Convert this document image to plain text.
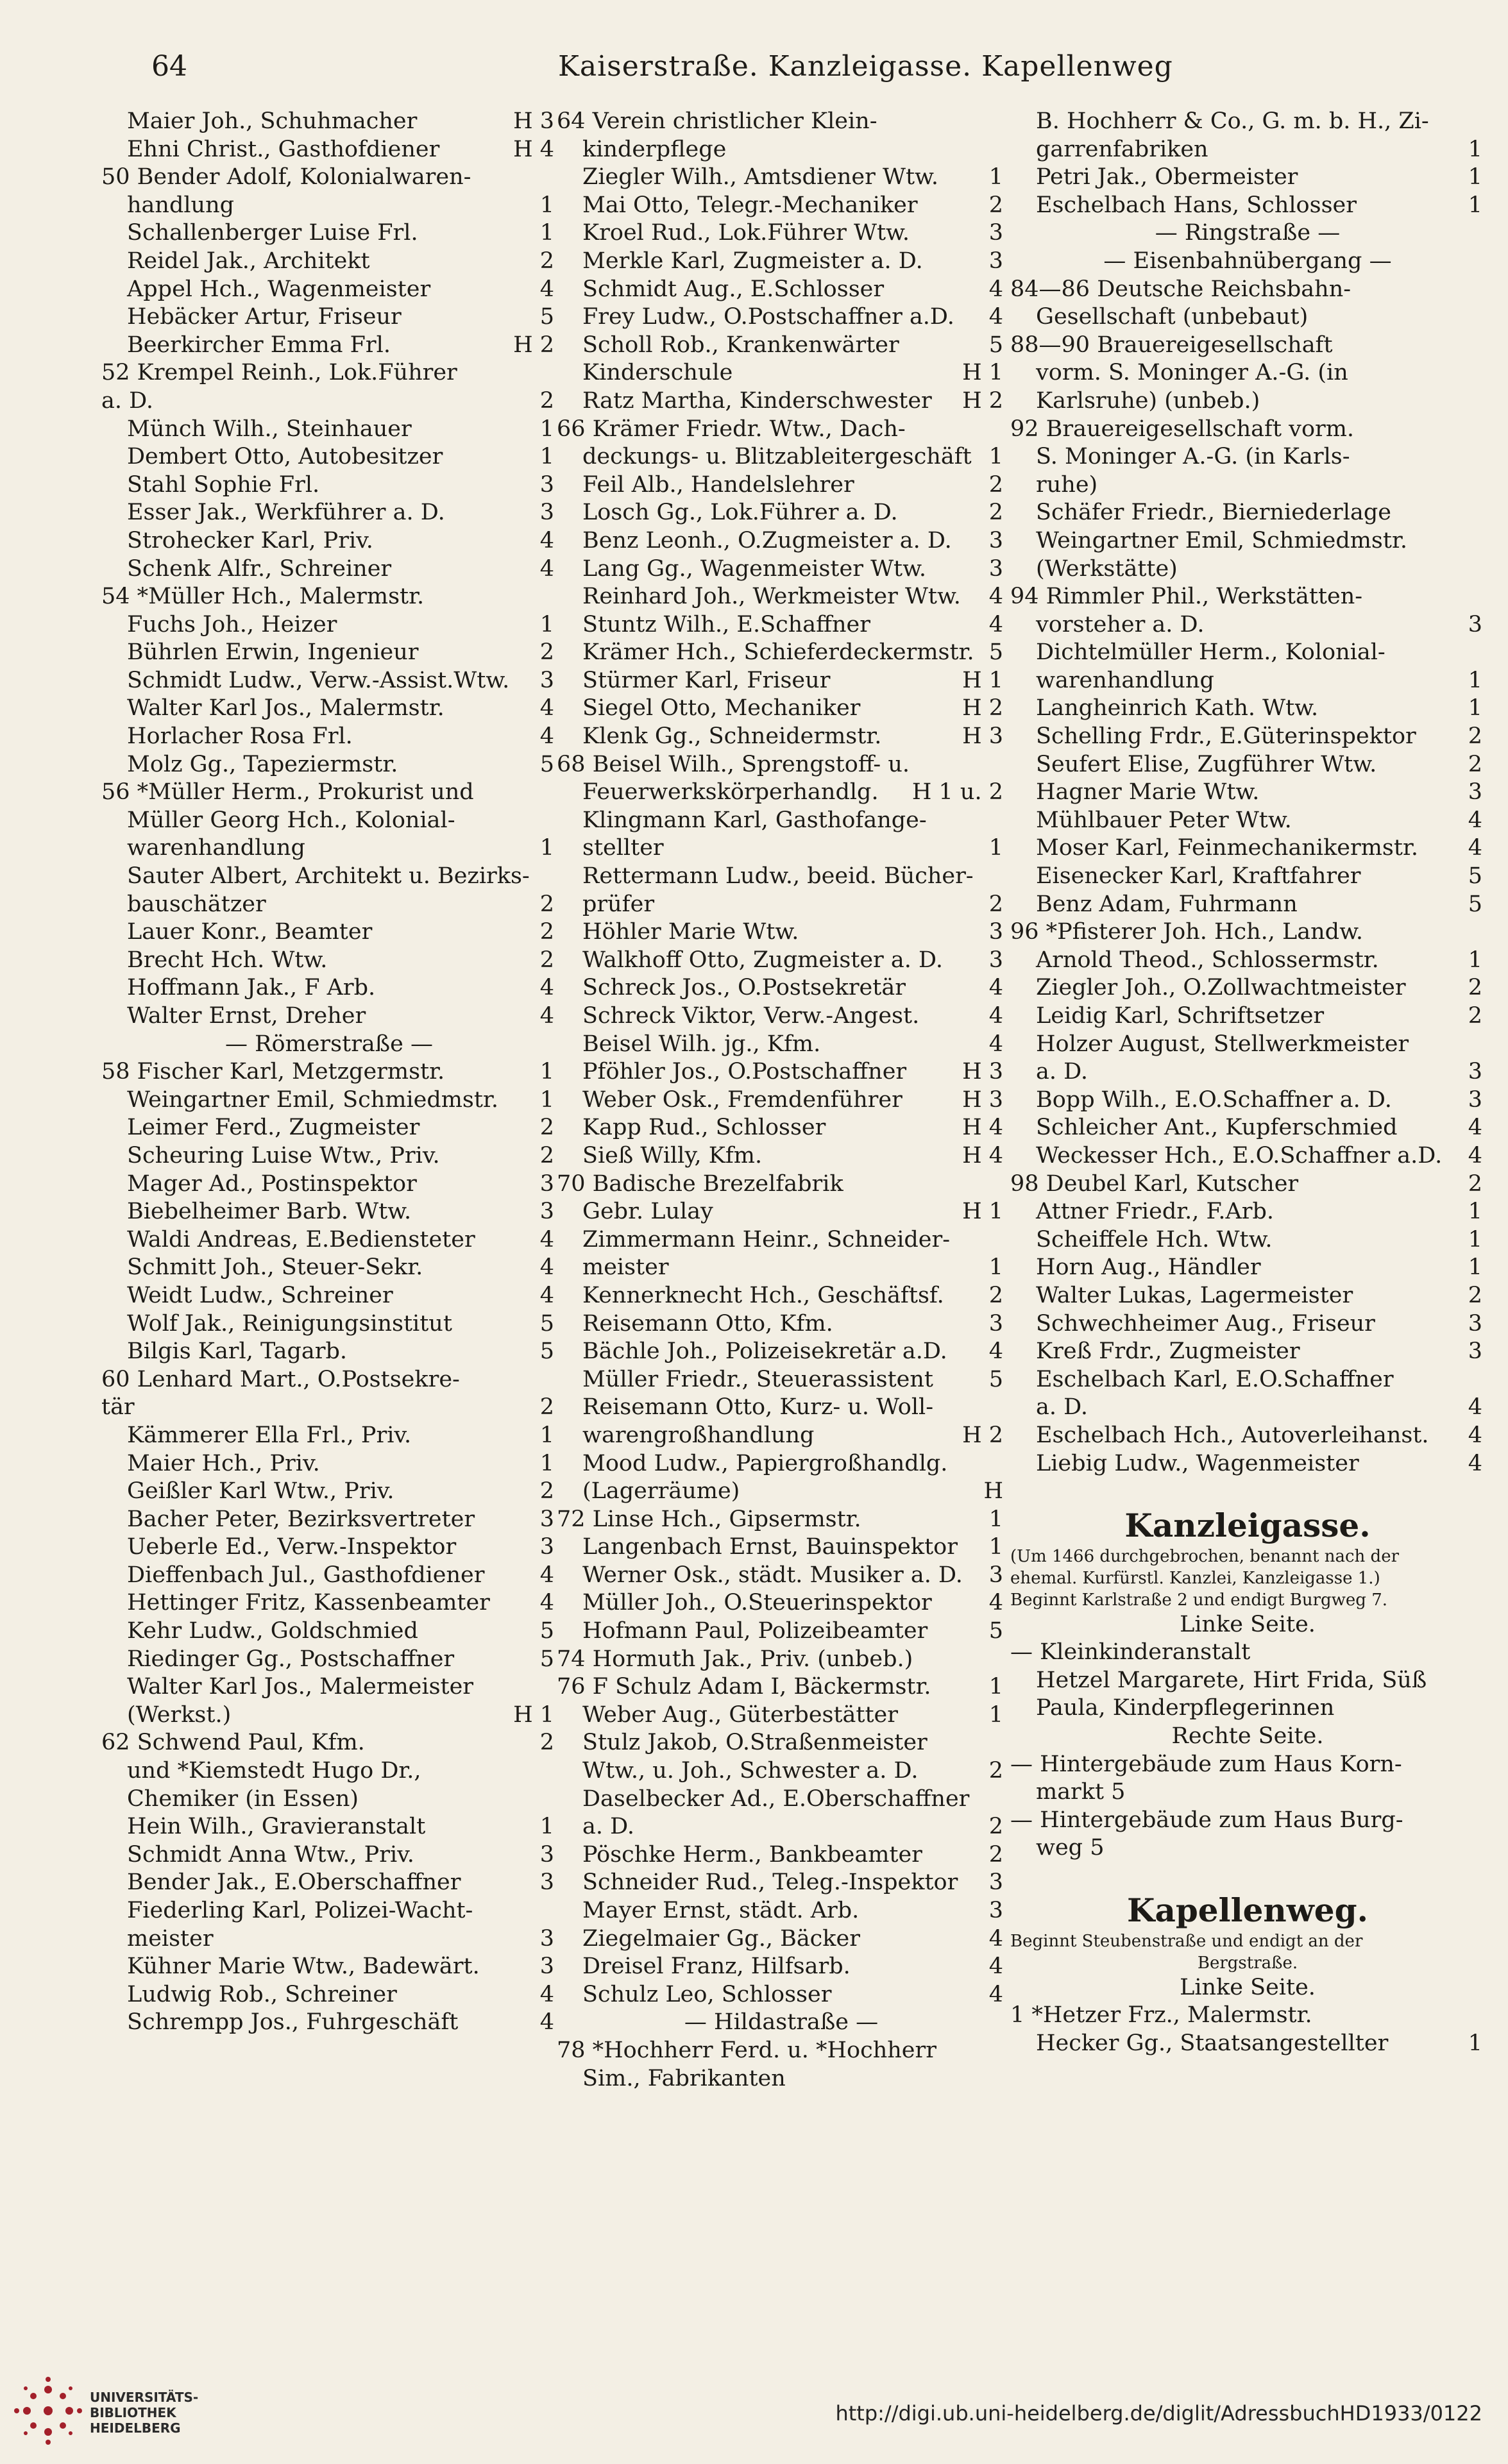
64	Kaiserstraße. Kanzleigasse. Kapellenweg
Maier Joh., Schuhmacher	H 3
Ehni Christ., Gasthofdiener	H 4
50 Bender Adolf, Kolonialwaren-
handlung	1
Schallenberger Luise Frl.	1
Reidel Jak., Architekt	2
Appel Hch., Wagenmeister	4
Hebäcker Artur, Friseur	5
Beerkircher Emma Frl.	H 2
52 Krempel Reinh., Lok.Führer
a. D.	2
Münch Wilh., Steinhauer	1
Dembert Otto, Autobesitzer	1
Stahl Sophie Frl.	3
Esser Jak., Werkführer a. D.	3
Strohecker Karl, Priv.	4
Schenk Alfr., Schreiner	4
54 *Müller Hch., Malermstr.
Fuchs Joh., Heizer	1
Bührlen Erwin, Ingenieur	2
Schmidt Ludw., Verw.-Assist.Wtw. 3
Walter Karl Jos., Malermstr.	4
Horlacher Rosa Frl.	4
Molz Gg., Tapeziermstr.	5
56 *Müller Herm., Prokurist und
Müller Georg Hch., Kolonial-
warenhandlung	1
Sauter Albert, Architekt u. Bezirks-
bauschätzer	2
Lauer Konr., Beamter	2
Brecht Hch. Wtw.	2
Hoffmann Jak., F Arb.	4
Walter Ernst, Dreher	4
— Römerstraße —
58 Fischer Karl, Metzgermstr.	1
Weingartner Emil, Schmiedmstr. 1
Leimer Ferd., Zugmeister	2
Scheuring Luise Wtw., Priv.	2
Mager Ad., Postinspektor	3
Biebelheimer Barb. Wtw.	3
Waldi Andreas, E.Bediensteter	4
Schmitt Joh., Steuer-Sekr.	4
Weidt Ludw., Schreiner	4
Wolf Jak., Reinigungsinstitut	5
Bilgis Karl, Tagarb.	5
60 Lenhard Mart., O.Postsekre-
tär	2
Kämmerer Ella Frl., Priv.	1
Maier Hch., Priv.	1
Geißler Karl Wtw., Priv.	2
Bacher Peter, Bezirksvertreter	3
Ueberle Ed., Verw.-Inspektor	3
Dieffenbach Jul., Gasthofdiener 4
Hettinger Fritz, Kassenbeamter 4
Kehr Ludw., Goldschmied	5
Riedinger Gg., Postschaffner	5
Walter Karl Jos., Malermeister
(Werkst.)	H 1
62 Schwend Paul, Kfm.	2
und *Kiemstedt Hugo Dr.,
Chemiker (in Essen)
Hein Wilh., Gravieranstalt	1
Schmidt Anna Wtw., Priv.	3
Bender Jak., E.Oberschaffner	3
Fiederling Karl, Polizei-Wacht-
meister	3
Kühner Marie Wtw., Badewärt.	3
Ludwig Rob., Schreiner	4
Schrempp Jos., Fuhrgeschäft	4
64 Verein christlicher Klein-
kinderpflege
Ziegler Wilh., Amtsdiener Wtw. 1
Mai Otto, Telegr.-Mechaniker	2
Kroel Rud., Lok.Führer Wtw.	3
Merkle Karl, Zugmeister a. D.	3
Schmidt Aug., E.Schlosser	4
Frey Ludw., O.Postschaffner a.D. 4
Scholl Rob., Krankenwärter	5
Kinderschule	H 1
Ratz Martha, Kinderschwester H 2
66 Krämer Friedr. Wtw., Dach-
deckungs- u. Blitzableitergeschäft 1
Feil Alb., Handelslehrer	2
Losch Gg., Lok.Führer a. D.	2
Benz Leonh., O.Zugmeister a. D. 3
Lang Gg., Wagenmeister Wtw.	3
Reinhard Joh., Werkmeister Wtw. 4
Stuntz Wilh., E.Schaffner	4
Krämer Hch., Schieferdeckermstr. 5
Stürmer Karl, Friseur	H 1
Siegel Otto, Mechaniker	H 2
Klenk Gg., Schneidermstr.	H 3
68 Beisel Wilh., Sprengstoff- u.
Feuerwerkskörperhandlg. H 1 u. 2
Klingmann Karl, Gasthofange-
stellter	1
Rettermann Ludw., beeid. Bücher-
prüfer	2
Höhler Marie Wtw.	3
Walkhoff Otto, Zugmeister a. D. 3
Schreck Jos., O.Postsekretär	4
Schreck Viktor, Verw.-Angest.	4
Beisel Wilh. jg., Kfm.	4
Pföhler Jos., O.Postschaffner H 3
Weber Osk., Fremdenführer	H 3
Kapp Rud., Schlosser	H 4
Sieß Willy, Kfm.	H 4
70 Badische Brezelfabrik
Gebr. Lulay	H 1
Zimmermann Heinr., Schneider-
meister	1
Kennerknecht Hch., Geschäftsf. 2
Reisemann Otto, Kfm.	3
Bächle Joh., Polizeisekretär a.D. 4
Müller Friedr., Steuerassistent 5
Reisemann Otto, Kurz- u. Woll-
warengroßhandlung	H 2
Mood Ludw., Papiergroßhandlg.
(Lagerräume)	H
72 Linse Hch., Gipsermstr.	1
Langenbach Ernst, Bauinspektor 1
Werner Osk., städt. Musiker a. D. 3
Müller Joh., O.Steuerinspektor	4
Hofmann Paul, Polizeibeamter	5
74 Hormuth Jak., Priv. (unbeb.)
76 F Schulz Adam I, Bäckermstr.	1
Weber Aug., Güterbestätter	1
Stulz Jakob, O.Straßenmeister
Wtw., u. Joh., Schwester a. D.	2
Daselbecker Ad., E.Oberschaffner
a. D.	2
Pöschke Herm., Bankbeamter	2
Schneider Rud., Teleg.-Inspektor 3
Mayer Ernst, städt. Arb.	3
Ziegelmaier Gg., Bäcker	4
Dreisel Franz, Hilfsarb.	4
Schulz Leo, Schlosser	4
— Hildastraße —
78 *Hochherr Ferd. u. *Hochherr
Sim., Fabrikanten
B. Hochherr & Co., G. m. b. H., Zi-
garrenfabriken	1
Petri Jak., Obermeister	1
Eschelbach Hans, Schlosser	1
— Ringstraße —
— Eisenbahnübergang —
84—86 Deutsche Reichsbahn-
Gesellschaft (unbebaut)
88—90 Brauereigesellschaft
vorm. S. Moninger A.-G. (in
Karlsruhe) (unbeb.)
92 Brauereigesellschaft vorm.
S. Moninger A.-G. (in Karls-
ruhe)
Schäfer Friedr., Bierniederlage
Weingartner Emil, Schmiedmstr.
(Werkstätte)
94 Rimmler Phil., Werkstätten-
vorsteher a. D.	3
Dichtelmüller Herm., Kolonial-
warenhandlung	1
Langheinrich Kath. Wtw.	1
Schelling Frdr., E.Güterinspektor 2
Seufert Elise, Zugführer Wtw.	2
Hagner Marie Wtw.	3
Mühlbauer Peter Wtw.	4
Moser Karl, Feinmechanikermstr. 4
Eisenecker Karl, Kraftfahrer	5
Benz Adam, Fuhrmann	5
96 *Pfisterer Joh. Hch., Landw.
Arnold Theod., Schlossermstr.	1
Ziegler Joh., O.Zollwachtmeister	2
Leidig Karl, Schriftsetzer	2
Holzer August, Stellwerkmeister
a. D.	3
Bopp Wilh., E.O.Schaffner a. D.	3
Schleicher Ant., Kupferschmied	4
Weckesser Hch., E.O.Schaffner a.D. 4
98 Deubel Karl, Kutscher	2
Attner Friedr., F.Arb.	1
Scheiffele Hch. Wtw.	1
Horn Aug., Händler	1
Walter Lukas, Lagermeister	2
Schwechheimer Aug., Friseur	3
Kreß Frdr., Zugmeister	3
Eschelbach Karl, E.O.Schaffner
a. D.	4
Eschelbach Hch., Autoverleihanst. 4
Liebig Ludw., Wagenmeister	4
Kanzleigasse.
(Um 1466 durchgebrochen, benannt nach der
ehemal. Kurfürstl. Kanzlei, Kanzleigasse 1.)
Beginnt Karlstraße 2 und endigt Burgweg 7.
Linke Seite.
— Kleinkinderanstalt
Hetzel Margarete, Hirt Frida, Süß
Paula, Kinderpflegerinnen
Rechte Seite.
— Hintergebäude zum Haus Korn-
markt 5
— Hintergebäude zum Haus Burg-
weg 5
Kapellenweg.
Beginnt Steubenstraße und endigt an der
Bergstraße.
Linke Seite.
1 *Hetzer Frz., Malermstr.
Hecker Gg., Staatsangestellter	1
UNIVERSITÄTS-
BIBLIOTHEK
HEIDELBERG
http://digi.ub.uni-heidelberg.de/diglit/AdressbuchHD1933/0122
